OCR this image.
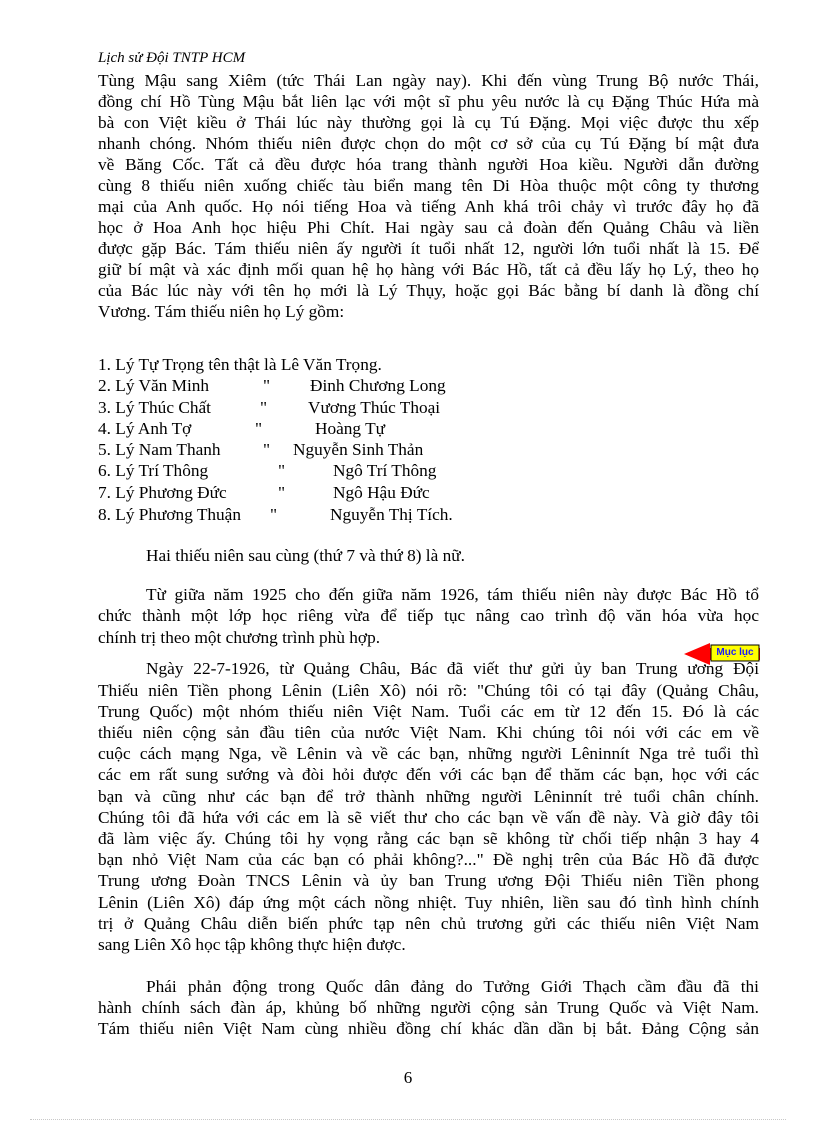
Lịch sử Đội TNTP HCM
Tùng Mậu sang Xiêm (tức Thái Lan ngày nay). Khi đến vùng Trung Bộ nước Thái,
đồng chí Hồ Tùng Mậu bắt liên lạc với một sĩ phu yêu nước là cụ Đặng Thúc Hứa mà
bà con Việt kiều ở Thái lúc này thường gọi là cụ Tú Đặng. Mọi việc được thu xếp
nhanh chóng. Nhóm thiếu niên được chọn do một cơ sở của cụ Tú Đặng bí mật đưa
về Băng Cốc. Tất cả đều được hóa trang thành người Hoa kiều. Người dẫn đường
cùng 8 thiếu niên xuống chiếc tàu biển mang tên Di Hòa thuộc một công ty thương
mại của Anh quốc. Họ nói tiếng Hoa và tiếng Anh khá trôi chảy vì trước đây họ đã
học ở Hoa Anh học hiệu Phi Chít. Hai ngày sau cả đoàn đến Quảng Châu và liền
được gặp Bác. Tám thiếu niên ấy người ít tuổi nhất 12, người lớn tuổi nhất là 15. Để
giữ bí mật và xác định mối quan hệ họ hàng với Bác Hồ, tất cả đều lấy họ Lý, theo họ
của Bác lúc này với tên họ mới là Lý Thụy, hoặc gọi Bác bằng bí danh là đồng chí
Vương. Tám thiếu niên họ Lý gồm:
1. Lý Tự Trọng tên thật là Lê Văn Trọng.
2. Lý Văn Minh	" Đinh Chương Long
3. Lý Thúc Chất	" Vương Thúc Thoại
4. Lý Anh Tợ	"	Hoàng Tự
5. Lý Nam Thanh " Nguyễn Sinh Thản
6. Lý Trí Thông	"	Ngô Trí Thông
7. Lý Phương Đức	"	Ngô Hậu Đức
8. Lý Phương Thuận "	Nguyễn Thị Tích.
Hai thiếu niên sau cùng (thứ 7 và thứ 8) là nữ.
Từ giữa năm 1925 cho đến giữa năm 1926, tám thiếu niên này được Bác Hồ tổ
chức thành một lớp học riêng vừa để tiếp tục nâng cao trình độ văn hóa vừa học
chính trị theo một chương trình phù hợp.
Mục lục
Ngày 22-7-1926, từ Quảng Châu, Bác đã viết thư gửi ủy ban Trung ương Đội
Thiếu niên Tiền phong Lênin (Liên Xô) nói rõ: "Chúng tôi có tại đây (Quảng Châu,
Trung Quốc) một nhóm thiếu niên Việt Nam. Tuổi các em từ 12 đến 15. Đó là các
thiếu niên cộng sản đầu tiên của nước Việt Nam. Khi chúng tôi nói với các em về
cuộc cách mạng Nga, về Lênin và về các bạn, những người Lêninnít Nga trẻ tuổi thì
các em rất sung sướng và đòi hỏi được đến với các bạn để thăm các bạn, học với các
bạn và cũng như các bạn để trở thành những người Lêninnít trẻ tuổi chân chính.
Chúng tôi đã hứa với các em là sẽ viết thư cho các bạn về vấn đề này. Và giờ đây tôi
đã làm việc ấy. Chúng tôi hy vọng rằng các bạn sẽ không từ chối tiếp nhận 3 hay 4
bạn nhỏ Việt Nam của các bạn có phải không?..." Đề nghị trên của Bác Hồ đã được
Trung ương Đoàn TNCS Lênin và ủy ban Trung ương Đội Thiếu niên Tiền phong
Lênin (Liên Xô) đáp ứng một cách nồng nhiệt. Tuy nhiên, liền sau đó tình hình chính
trị ở Quảng Châu diễn biến phức tạp nên chủ trương gửi các thiếu niên Việt Nam
sang Liên Xô học tập không thực hiện được.
Phái phản động trong Quốc dân đảng do Tưởng Giới Thạch cầm đầu đã thi
hành chính sách đàn áp, khủng bố những người cộng sản Trung Quốc và Việt Nam.
Tám thiếu niên Việt Nam cùng nhiều đồng chí khác dần dần bị bắt. Đảng Cộng sản
6
